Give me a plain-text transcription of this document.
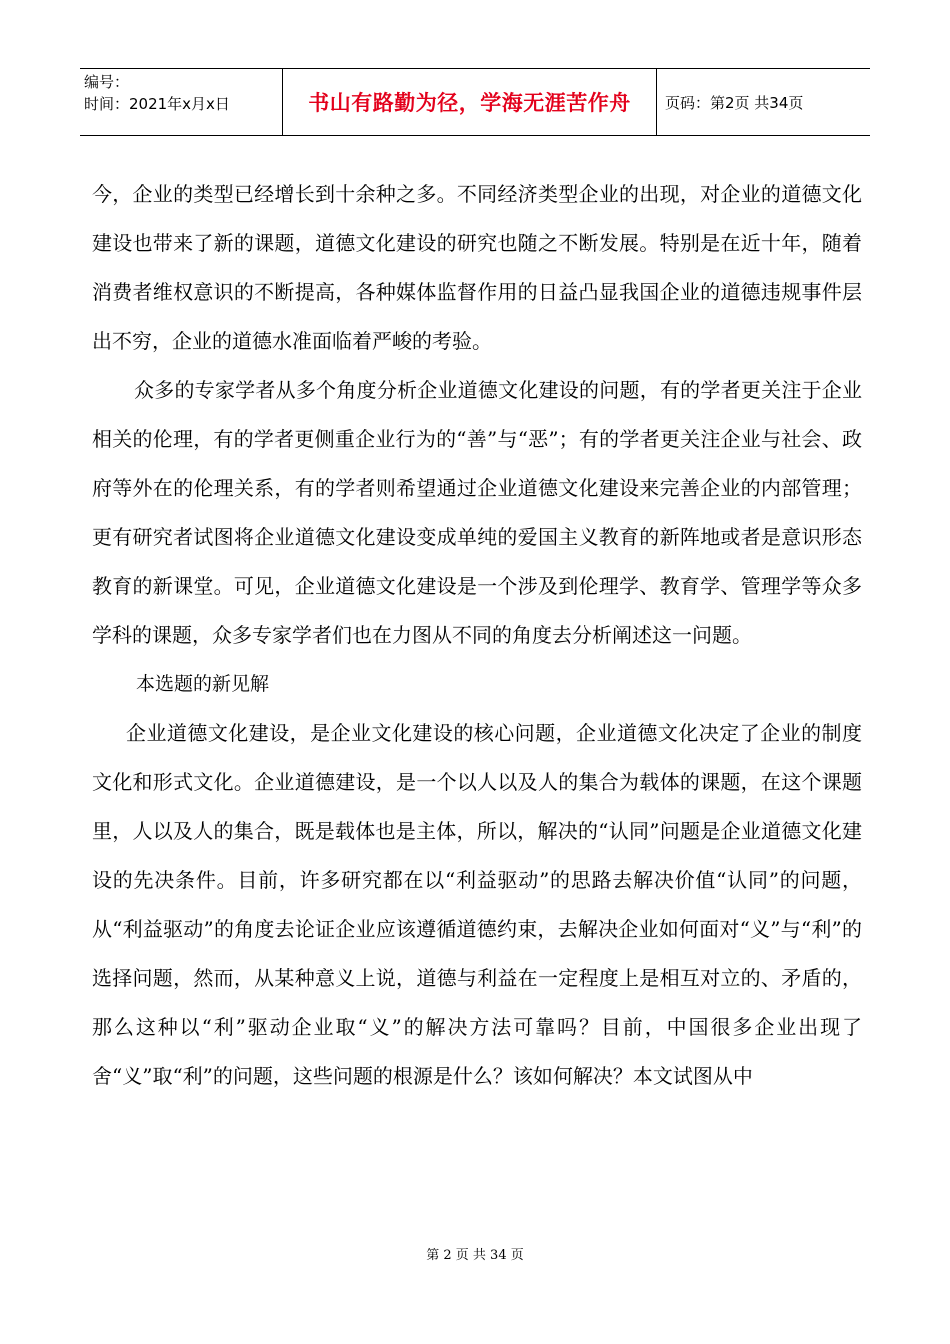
编号：
时间：2021年x月x日	书山有路勤为径，学海无涯苦作舟	页码：第2页 共34页

今，企业的类型已经增长到十余种之多。不同经济类型企业的出现，对企业的道德文化建设也带来了新的课题，道德文化建设的研究也随之不断发展。特别是在近十年，随着消费者维权意识的不断提高，各种媒体监督作用的日益凸显我国企业的道德违规事件层出不穷，企业的道德水准面临着严峻的考验。

众多的专家学者从多个角度分析企业道德文化建设的问题，有的学者更关注于企业相关的伦理，有的学者更侧重企业行为的“善”与“恶”；有的学者更关注企业与社会、政府等外在的伦理关系，有的学者则希望通过企业道德文化建设来完善企业的内部管理；更有研究者试图将企业道德文化建设变成单纯的爱国主义教育的新阵地或者是意识形态教育的新课堂。可见，企业道德文化建设是一个涉及到伦理学、教育学、管理学等众多学科的课题，众多专家学者们也在力图从不同的角度去分析阐述这一问题。

本选题的新见解

企业道德文化建设，是企业文化建设的核心问题，企业道德文化决定了企业的制度文化和形式文化。企业道德建设，是一个以人以及人的集合为载体的课题，在这个课题里，人以及人的集合，既是载体也是主体，所以，解决的“认同”问题是企业道德文化建设的先决条件。目前，许多研究都在以“利益驱动”的思路去解决价值“认同”的问题，从“利益驱动”的角度去论证企业应该遵循道德约束，去解决企业如何面对“义”与“利”的选择问题，然而，从某种意义上说，道德与利益在一定程度上是相互对立的、矛盾的，那么这种以“利”驱动企业取“义”的解决方法可靠吗？目前，中国很多企业出现了舍“义”取“利”的问题，这些问题的根源是什么？该如何解决？本文试图从中

第 2 页 共 34 页
